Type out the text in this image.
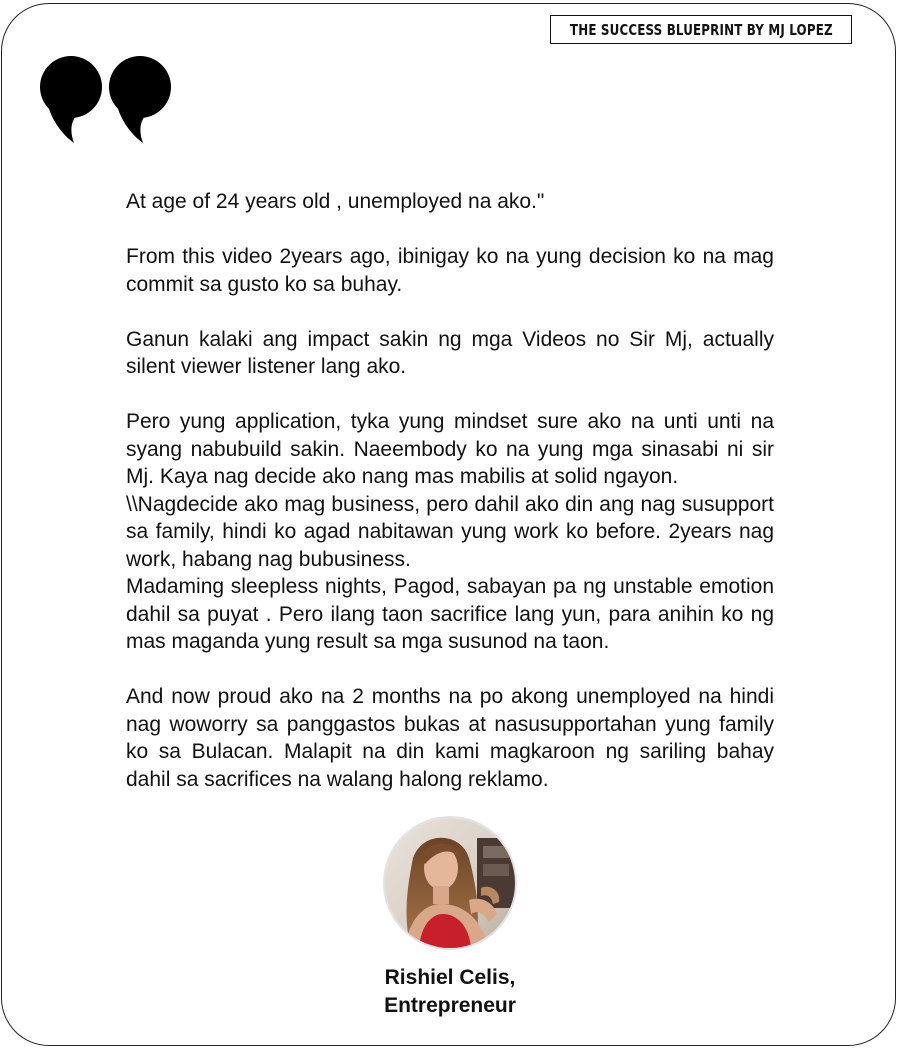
THE SUCCESS BLUEPRINT BY MJ LOPEZ

At age of 24 years old , unemployed na ako."

From this video 2years ago, ibinigay ko na yung decision ko na mag commit sa gusto ko sa buhay.

Ganun kalaki ang impact sakin ng mga Videos no Sir Mj, actually silent viewer listener lang ako.

Pero yung application, tyka yung mindset sure ako na unti unti na syang nabubuild sakin. Naeembody ko na yung mga sinasabi ni sir Mj. Kaya nag decide ako nang mas mabilis at solid ngayon.

\\Nagdecide ako mag business, pero dahil ako din ang nag susupport sa family, hindi ko agad nabitawan yung work ko before. 2years nag work, habang nag bubusiness.

Madaming sleepless nights, Pagod, sabayan pa ng unstable emotion dahil sa puyat . Pero ilang taon sacrifice lang yun, para anihin ko ng mas maganda yung result sa mga susunod na taon.

And now proud ako na 2 months na po akong unemployed na hindi nag woworry sa panggastos bukas at nasusupportahan yung family ko sa Bulacan. Malapit na din kami magkaroon ng sariling bahay dahil sa sacrifices na walang halong reklamo.

Rishiel Celis,
Entrepreneur
